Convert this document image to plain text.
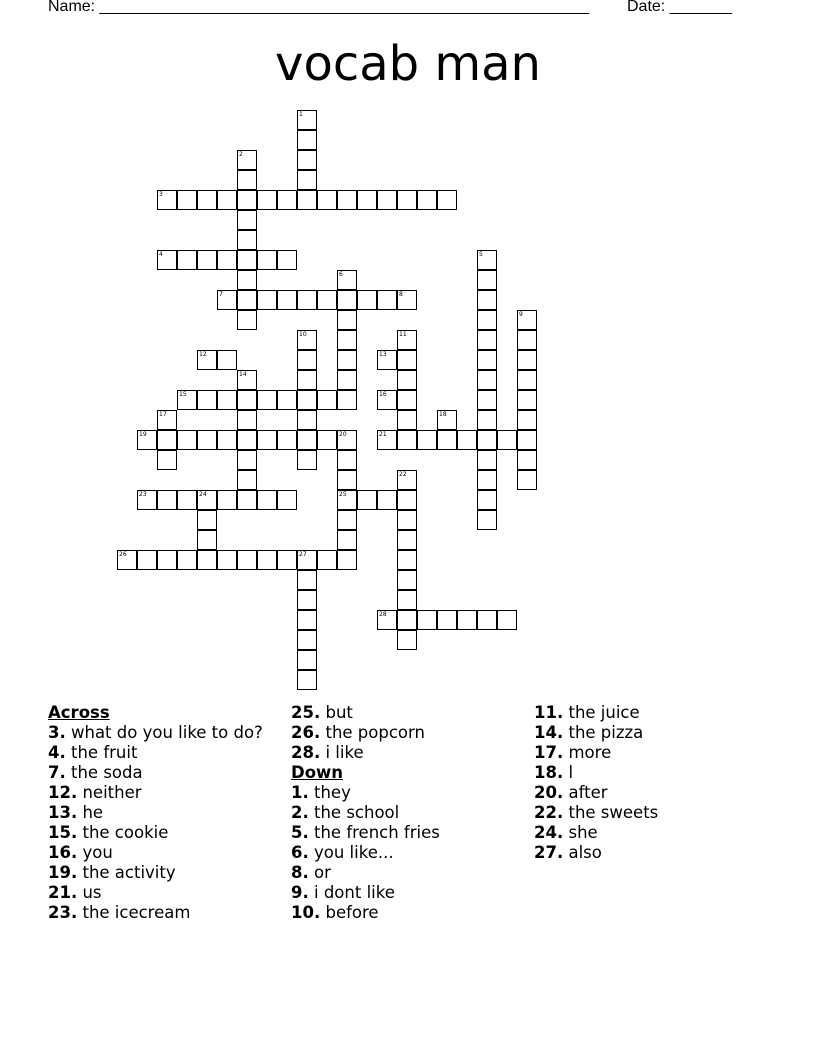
Name: _______________________________________________________ Date: _______
vocab man
1
2
3
4	5
6
7	8
9
10	11
12	13
14
15	16
17	18
19	20
25
21
22
23	24
26	27
28
Across
3. what do you like to do?
4. the fruit
7. the soda
12. neither
13. he
15. the cookie
16. you
19. the activity
21. us
23. the icecream
25. but
26. the popcorn
28. i like
Down
1. they
2. the school
5. the french fries
6. you like...
8. or
9. i dont like
10. before
11. the juice
14. the pizza
17. more
18. l
20. after
22. the sweets
24. she
27. also
